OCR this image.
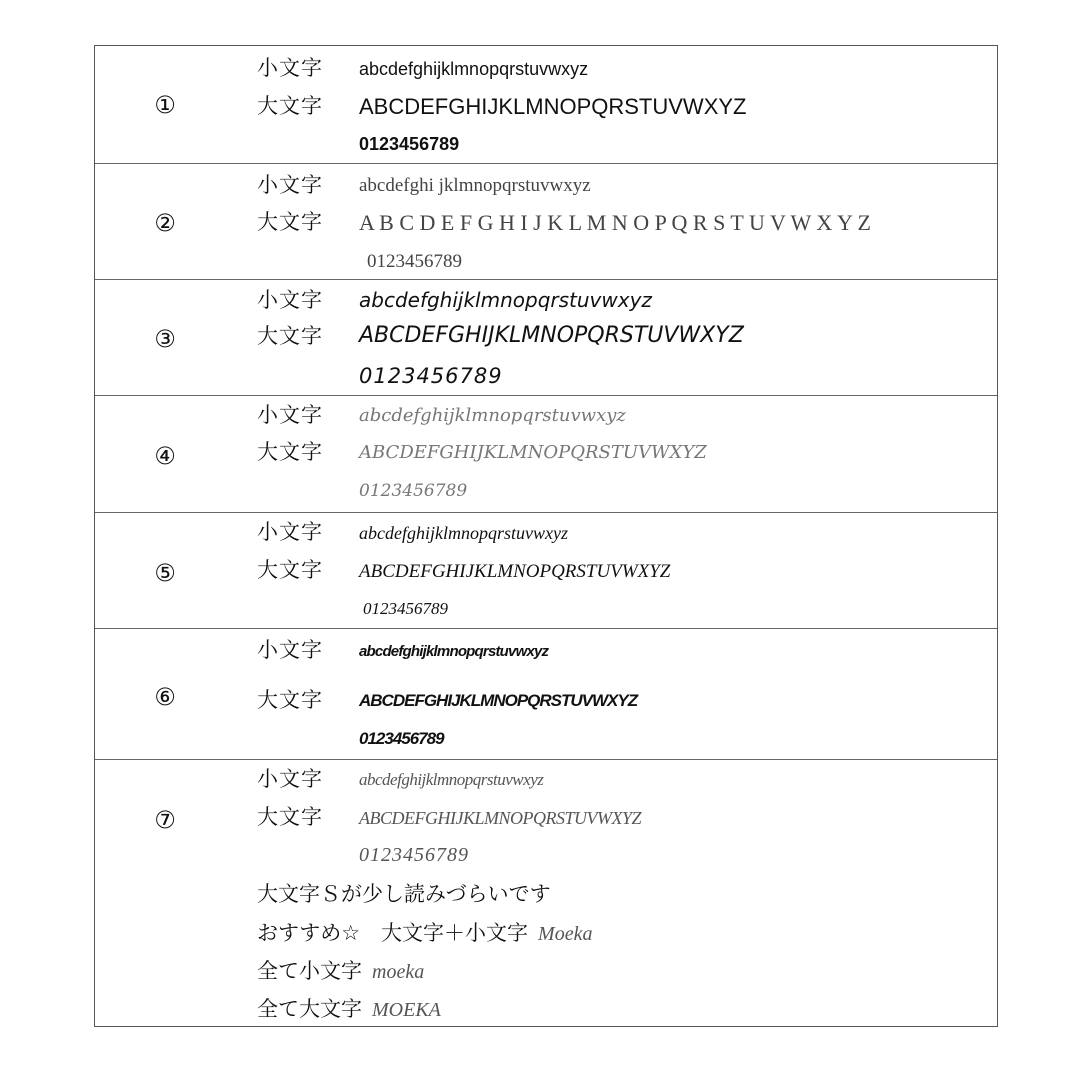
①
小文字
大文字
abcdefghijklmnopqrstuvwxyz
ABCDEFGHIJKLMNOPQRSTUVWXYZ
0123456789
②
小文字
大文字
abcdefghi jklmnopqrstuvwxyz
A B C D E F G H I J K L M N O P Q R S T U V W X Y Z
0123456789
③
小文字
大文字
abcdefghijklmnopqrstuvwxyz
ABCDEFGHIJKLMNOPQRSTUVWXYZ
0123456789
④
小文字
大文字
abcdefghijklmnopqrstuvwxyz
ABCDEFGHIJKLMNOPQRSTUVWXYZ
0123456789
⑤
小文字
大文字
abcdefghijklmnopqrstuvwxyz
ABCDEFGHIJKLMNOPQRSTUVWXYZ
0123456789
⑥
小文字
大文字
abcdefghijklmnopqrstuvwxyz
ABCDEFGHIJKLMNOPQRSTUVWXYZ
0123456789
⑦
小文字
大文字
abcdefghijklmnopqrstuvwxyz
ABCDEFGHIJKLMNOPQRSTUVWXYZ
0123456789
大文字Ｓが少し読みづらいです
おすすめ☆　大文字＋小文字 Moeka
全て小文字 moeka
全て大文字 MOEKA
